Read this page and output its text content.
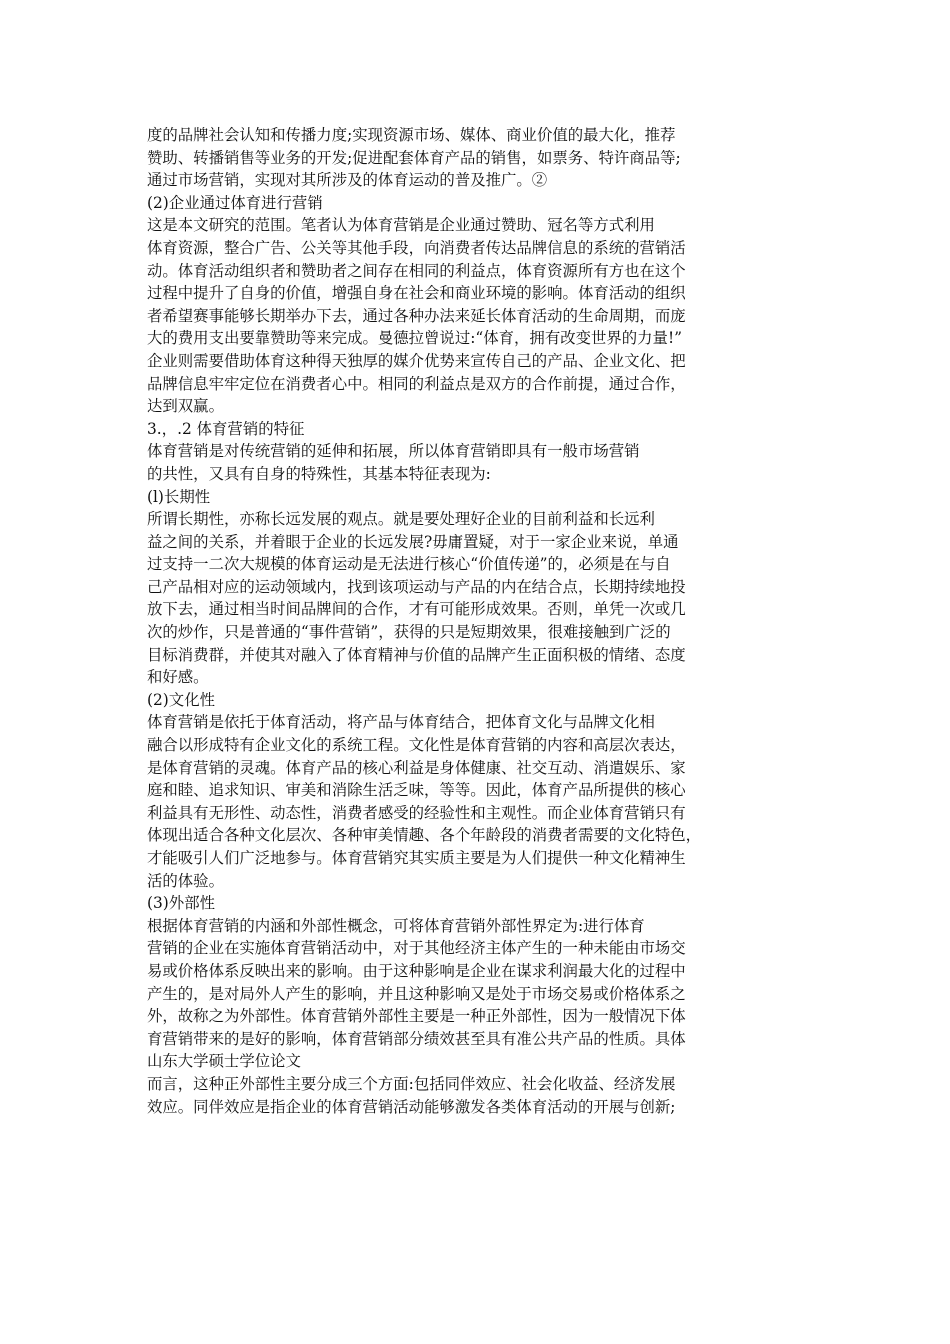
度的品牌社会认知和传播力度;实现资源市场、媒体、商业价值的最大化，推荐
赞助、转播销售等业务的开发;促进配套体育产品的销售，如票务、特许商品等;
通过市场营销，实现对其所涉及的体育运动的普及推广。②
(2)企业通过体育进行营销
这是本文研究的范围。笔者认为体育营销是企业通过赞助、冠名等方式利用
体育资源，整合广告、公关等其他手段，向消费者传达品牌信息的系统的营销活
动。体育活动组织者和赞助者之间存在相同的利益点，体育资源所有方也在这个
过程中提升了自身的价值，增强自身在社会和商业环境的影响。体育活动的组织
者希望赛事能够长期举办下去，通过各种办法来延长体育活动的生命周期，而庞
大的费用支出要靠赞助等来完成。曼德拉曾说过:“体育，拥有改变世界的力量!”
企业则需要借助体育这种得天独厚的媒介优势来宣传自己的产品、企业文化、把
品牌信息牢牢定位在消费者心中。相同的利益点是双方的合作前提，通过合作，
达到双赢。
3.，.2 体育营销的特征
体育营销是对传统营销的延伸和拓展，所以体育营销即具有一般市场营销
的共性，又具有自身的特殊性，其基本特征表现为:
(l)长期性
所谓长期性，亦称长远发展的观点。就是要处理好企业的目前利益和长远利
益之间的关系，并着眼于企业的长远发展?毋庸置疑，对于一家企业来说，单通
过支持一二次大规模的体育运动是无法进行核心“价值传递”的，必须是在与自
己产品相对应的运动领域内，找到该项运动与产品的内在结合点，长期持续地投
放下去，通过相当时间品牌间的合作，才有可能形成效果。否则，单凭一次或几
次的炒作，只是普通的“事件营销”，获得的只是短期效果，很难接触到广泛的
目标消费群，并使其对融入了体育精神与价值的品牌产生正面积极的情绪、态度
和好感。
(2)文化性
体育营销是依托于体育活动，将产品与体育结合，把体育文化与品牌文化相
融合以形成特有企业文化的系统工程。文化性是体育营销的内容和高层次表达，
是体育营销的灵魂。体育产品的核心利益是身体健康、社交互动、消遣娱乐、家
庭和睦、追求知识、审美和消除生活乏味，等等。因此，体育产品所提供的核心
利益具有无形性、动态性，消费者感受的经验性和主观性。而企业体育营销只有
体现出适合各种文化层次、各种审美情趣、各个年龄段的消费者需要的文化特色，
才能吸引人们广泛地参与。体育营销究其实质主要是为人们提供一种文化精神生
活的体验。
(3)外部性
根据体育营销的内涵和外部性概念，可将体育营销外部性界定为:进行体育
营销的企业在实施体育营销活动中，对于其他经济主体产生的一种未能由市场交
易或价格体系反映出来的影响。由于这种影响是企业在谋求利润最大化的过程中
产生的，是对局外人产生的影响，并且这种影响又是处于市场交易或价格体系之
外，故称之为外部性。体育营销外部性主要是一种正外部性，因为一般情况下体
育营销带来的是好的影响，体育营销部分绩效甚至具有准公共产品的性质。具体
山东大学硕士学位论文
而言，这种正外部性主要分成三个方面:包括同伴效应、社会化收益、经济发展
效应。同伴效应是指企业的体育营销活动能够激发各类体育活动的开展与创新;
